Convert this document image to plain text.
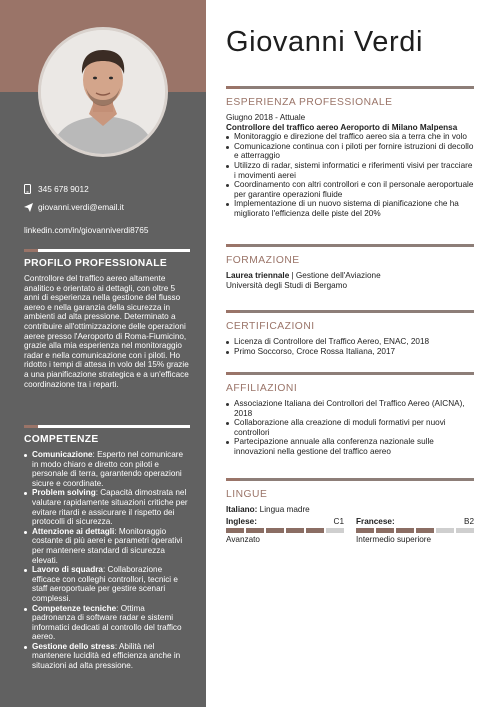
345 678 9012
giovanni.verdi@email.it
linkedin.com/in/giovanniverdi8765
PROFILO PROFESSIONALE
Controllore del traffico aereo altamente analitico e orientato ai dettagli, con oltre 5 anni di esperienza nella gestione del flusso aereo e nella garanzia della sicurezza in ambienti ad alta pressione. Determinato a contribuire all'ottimizzazione delle operazioni aeree presso l'Aeroporto di Roma-Fiumicino, grazie alla mia esperienza nel monitoraggio radar e nella comunicazione con i piloti. Ho ridotto i tempi di attesa in volo del 15% grazie a una pianificazione strategica e a un'efficace coordinazione tra i reparti.
COMPETENZE
Comunicazione: Esperto nel comunicare in modo chiaro e diretto con piloti e personale di terra, garantendo operazioni sicure e coordinate.
Problem solving: Capacità dimostrata nel valutare rapidamente situazioni critiche per evitare ritardi e assicurare il rispetto dei protocolli di sicurezza.
Attenzione ai dettagli: Monitoraggio costante di più aerei e parametri operativi per mantenere standard di sicurezza elevati.
Lavoro di squadra: Collaborazione efficace con colleghi controllori, tecnici e staff aeroportuale per gestire scenari complessi.
Competenze tecniche: Ottima padronanza di software radar e sistemi informatici dedicati al controllo del traffico aereo.
Gestione dello stress: Abilità nel mantenere lucidità ed efficienza anche in situazioni ad alta pressione.
Giovanni Verdi
ESPERIENZA PROFESSIONALE
Giugno 2018 - Attuale
Controllore del traffico aereo Aeroporto di Milano Malpensa
Monitoraggio e direzione del traffico aereo sia a terra che in volo
Comunicazione continua con i piloti per fornire istruzioni di decollo e atterraggio
Utilizzo di radar, sistemi informatici e riferimenti visivi per tracciare i movimenti aerei
Coordinamento con altri controllori e con il personale aeroportuale per garantire operazioni fluide
Implementazione di un nuovo sistema di pianificazione che ha migliorato l'efficienza delle piste del 20%
FORMAZIONE
Laurea triennale | Gestione dell'Aviazione
Università degli Studi di Bergamo
CERTIFICAZIONI
Licenza di Controllore del Traffico Aereo, ENAC, 2018
Primo Soccorso, Croce Rossa Italiana, 2017
AFFILIAZIONI
Associazione Italiana dei Controllori del Traffico Aereo (AICNA), 2018
Collaborazione alla creazione di moduli formativi per nuovi controllori
Partecipazione annuale alla conferenza nazionale sulle innovazioni nella gestione del traffico aereo
LINGUE
Italiano: Lingua madre
Inglese:	C1
Avanzato
Francese:	B2
Intermedio superiore
